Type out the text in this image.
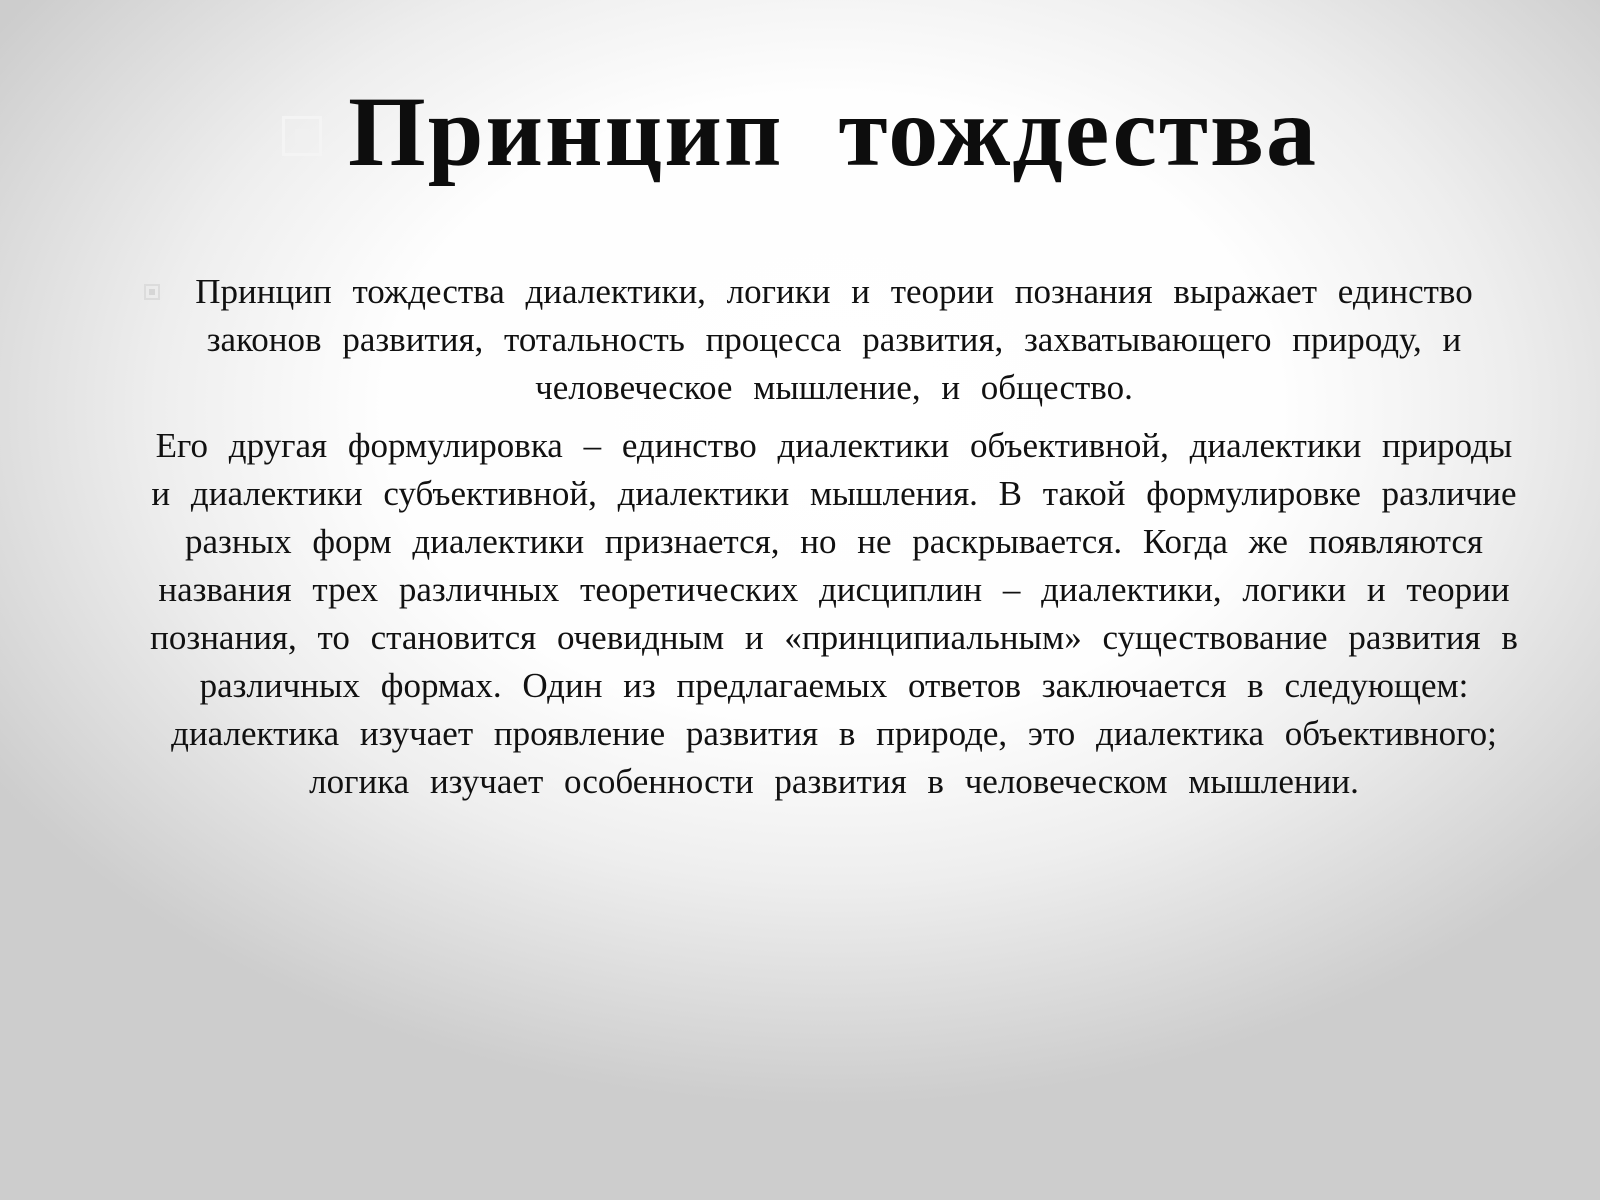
Принцип тождества

Принцип тождества диалектики, логики и теории познания выражает единство законов развития, тотальность процесса развития, захватывающего природу, и человеческое мышление, и общество.

Его другая формулировка – единство диалектики объективной, диалектики природы и диалектики субъективной, диалектики мышления. В такой формулировке различие разных форм диалектики признается, но не раскрывается. Когда же появляются названия трех различных теоретических дисциплин – диалектики, логики и теории познания, то становится очевидным и «принципиальным» существование развития в различных формах. Один из предлагаемых ответов заключается в следующем: диалектика изучает проявление развития в природе, это диалектика объективного; логика изучает особенности развития в человеческом мышлении.
